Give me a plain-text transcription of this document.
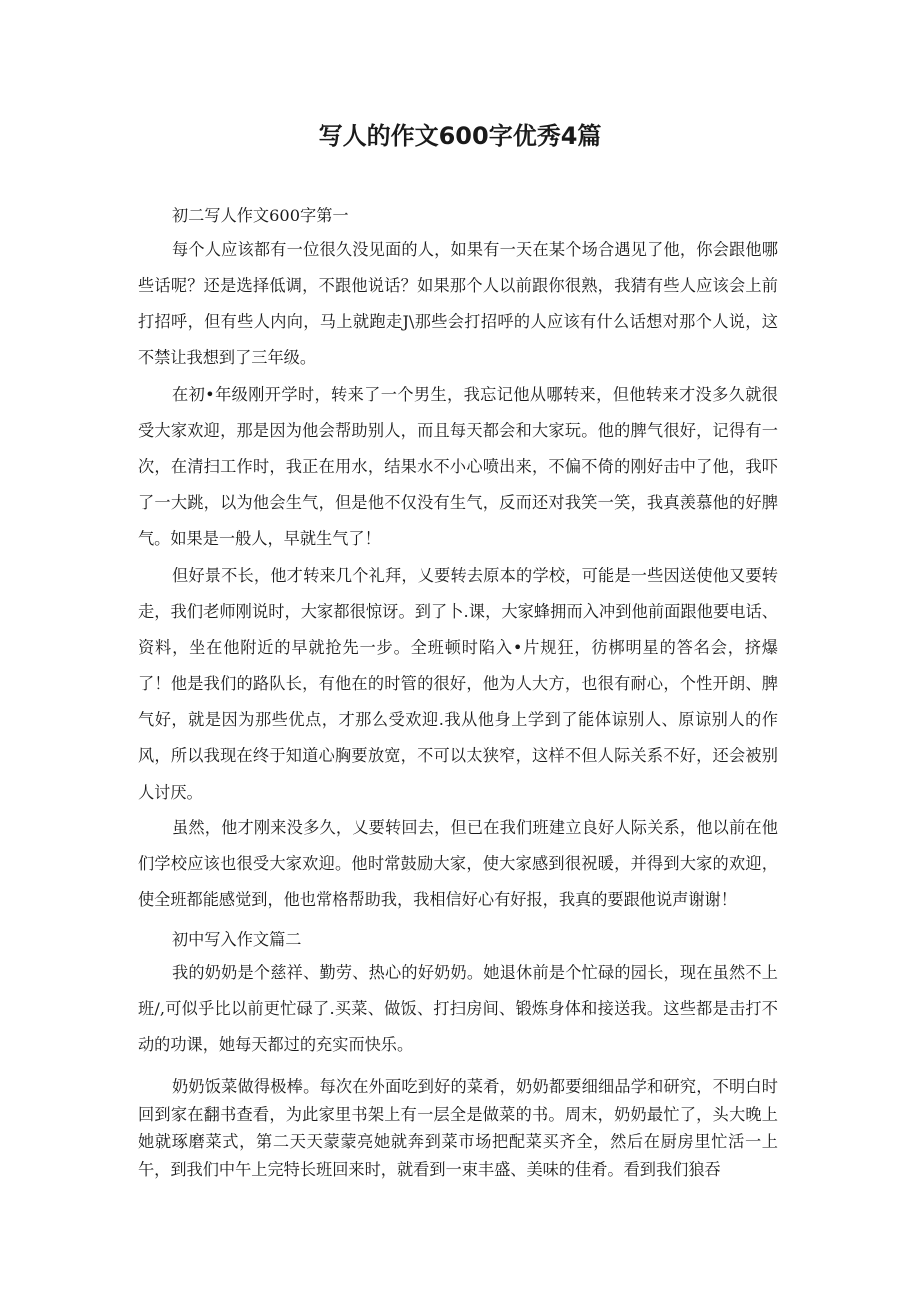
写人的作文600字优秀4篇
初二写人作文600字第一
每个人应该都有一位很久没见面的人，如果有一天在某个场合遇见了他，你会跟他哪些话呢？还是选择低调，不跟他说话？如果那个人以前跟你很熟，我猜有些人应该会上前打招呼，但有些人内向，马上就跑走J\那些会打招呼的人应该有什么话想对那个人说，这不禁让我想到了三年级。
在初•年级刚开学时，转来了一个男生，我忘记他从哪转来，但他转来才没多久就很受大家欢迎，那是因为他会帮助别人，而且每天都会和大家玩。他的脾气很好，记得有一次，在清扫工作时，我正在用水，结果水不小心喷出来，不偏不倚的刚好击中了他，我吓了一大跳，以为他会生气，但是他不仅没有生气，反而还对我笑一笑，我真羡慕他的好脾气。如果是一般人，早就生气了！
但好景不长，他才转来几个礼拜，乂要转去原本的学校，可能是一些因送使他又要转走，我们老师刚说时，大家都很惊讶。到了卜.课，大家蜂拥而入冲到他前面跟他要电话、资料，坐在他附近的早就抢先一步。全班顿时陷入•片规狂，彷梆明星的答名会，挤爆了！他是我们的路队长，有他在的时管的很好，他为人大方，也很有耐心，个性开朗、脾气好，就是因为那些优点，才那么受欢迎.我从他身上学到了能体谅别人、原谅别人的作风，所以我现在终于知道心胸要放宽，不可以太狭窄，这样不但人际关系不好，还会被别人讨厌。
虽然，他才刚来没多久，乂要转回去，但已在我们班建立良好人际关系，他以前在他们学校应该也很受大家欢迎。他时常鼓励大家，使大家感到很祝暖，并得到大家的欢迎，使全班都能感觉到，他也常格帮助我，我相信好心有好报，我真的要跟他说声谢谢！
初中写入作文篇二
我的奶奶是个慈祥、勤劳、热心的好奶奶。她退休前是个忙碌的园长，现在虽然不上班/,可似乎比以前更忙碌了.买菜、做饭、打扫房间、锻炼身体和接送我。这些都是击打不动的功课，她每天都过的充实而快乐。
奶奶饭菜做得极棒。每次在外面吃到好的菜肴，奶奶都要细细品学和研究，不明白时回到家在翻书查看，为此家里书架上有一层全是做菜的书。周末，奶奶最忙了，头大晚上她就琢磨菜式，第二天天蒙蒙亮她就奔到菜市场把配菜买齐全，然后在厨房里忙活一上午，到我们中午上完特长班回来时，就看到一束丰盛、美味的佳肴。看到我们狼吞
